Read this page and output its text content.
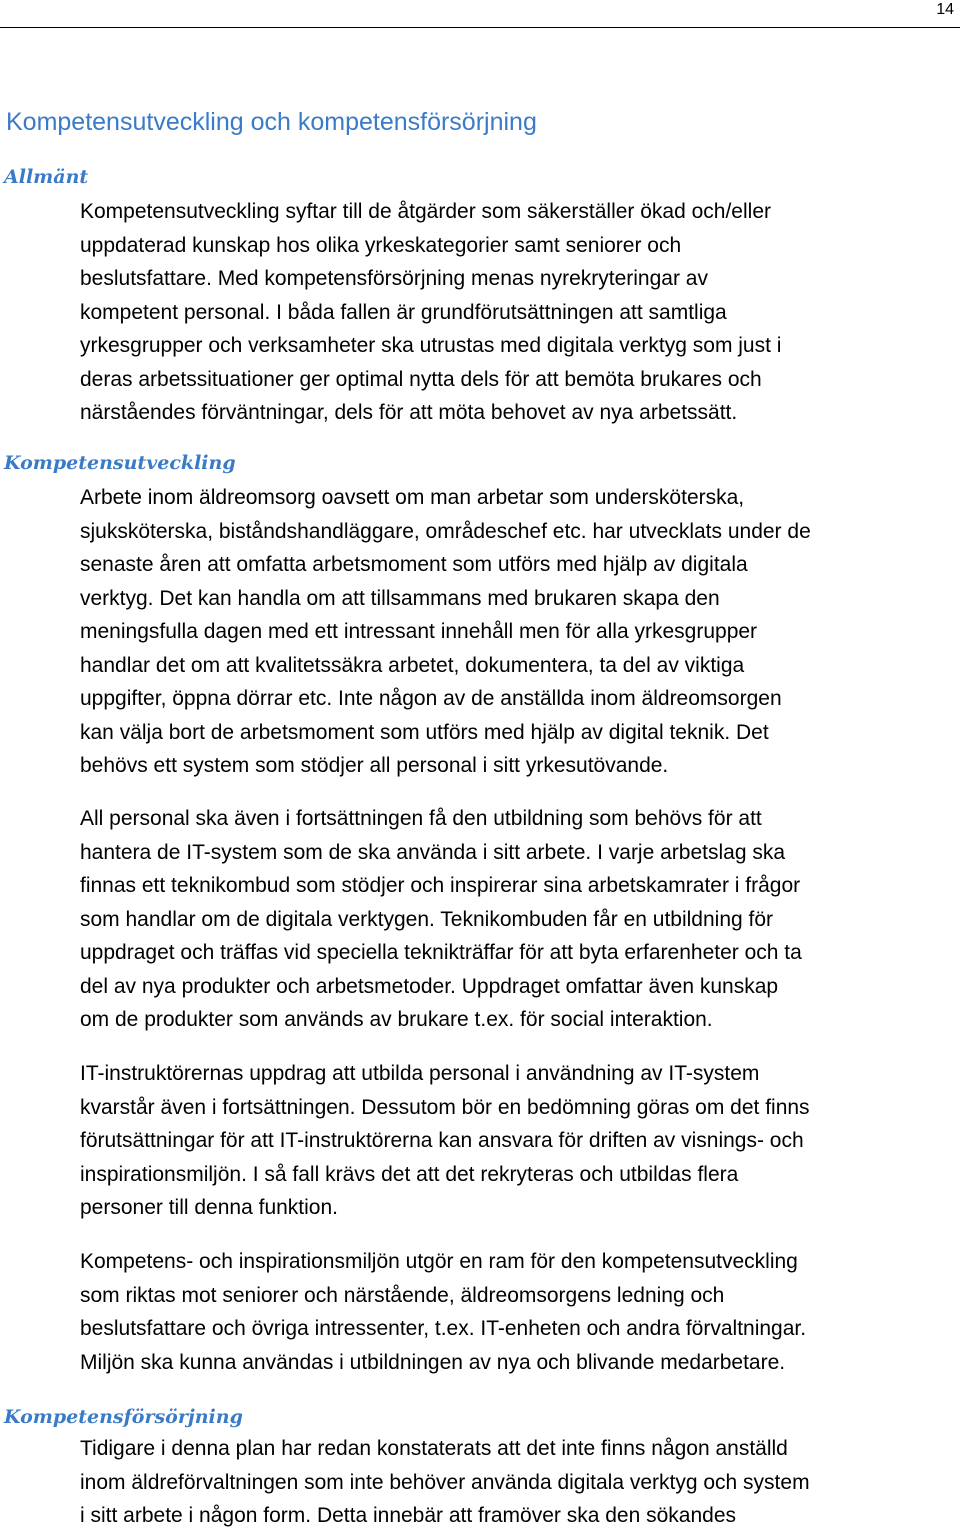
14
Kompetensutveckling och kompetensförsörjning
Allmänt
Kompetensutveckling syftar till de åtgärder som säkerställer ökad och/eller
uppdaterad kunskap hos olika yrkeskategorier samt seniorer och
beslutsfattare. Med kompetensförsörjning menas nyrekryteringar av
kompetent personal. I båda fallen är grundförutsättningen att samtliga
yrkesgrupper och verksamheter ska utrustas med digitala verktyg som just i
deras arbetssituationer ger optimal nytta dels för att bemöta brukares och
närståendes förväntningar, dels för att möta behovet av nya arbetssätt.
Kompetensutveckling
Arbete inom äldreomsorg oavsett om man arbetar som undersköterska,
sjuksköterska, biståndshandläggare, områdeschef etc. har utvecklats under de
senaste åren att omfatta arbetsmoment som utförs med hjälp av digitala
verktyg. Det kan handla om att tillsammans med brukaren skapa den
meningsfulla dagen med ett intressant innehåll men för alla yrkesgrupper
handlar det om att kvalitetssäkra arbetet, dokumentera, ta del av viktiga
uppgifter, öppna dörrar etc. Inte någon av de anställda inom äldreomsorgen
kan välja bort de arbetsmoment som utförs med hjälp av digital teknik. Det
behövs ett system som stödjer all personal i sitt yrkesutövande.
All personal ska även i fortsättningen få den utbildning som behövs för att
hantera de IT-system som de ska använda i sitt arbete. I varje arbetslag ska
finnas ett teknikombud som stödjer och inspirerar sina arbetskamrater i frågor
som handlar om de digitala verktygen. Teknikombuden får en utbildning för
uppdraget och träffas vid speciella teknikträffar för att byta erfarenheter och ta
del av nya produkter och arbetsmetoder. Uppdraget omfattar även kunskap
om de produkter som används av brukare t.ex. för social interaktion.
IT-instruktörernas uppdrag att utbilda personal i användning av IT-system
kvarstår även i fortsättningen. Dessutom bör en bedömning göras om det finns
förutsättningar för att IT-instruktörerna kan ansvara för driften av visnings- och
inspirationsmiljön. I så fall krävs det att det rekryteras och utbildas flera
personer till denna funktion.
Kompetens- och inspirationsmiljön utgör en ram för den kompetensutveckling
som riktas mot seniorer och närstående, äldreomsorgens ledning och
beslutsfattare och övriga intressenter, t.ex. IT-enheten och andra förvaltningar.
Miljön ska kunna användas i utbildningen av nya och blivande medarbetare.
Kompetensförsörjning
Tidigare i denna plan har redan konstaterats att det inte finns någon anställd
inom äldreförvaltningen som inte behöver använda digitala verktyg och system
i sitt arbete i någon form. Detta innebär att framöver ska den sökandes
